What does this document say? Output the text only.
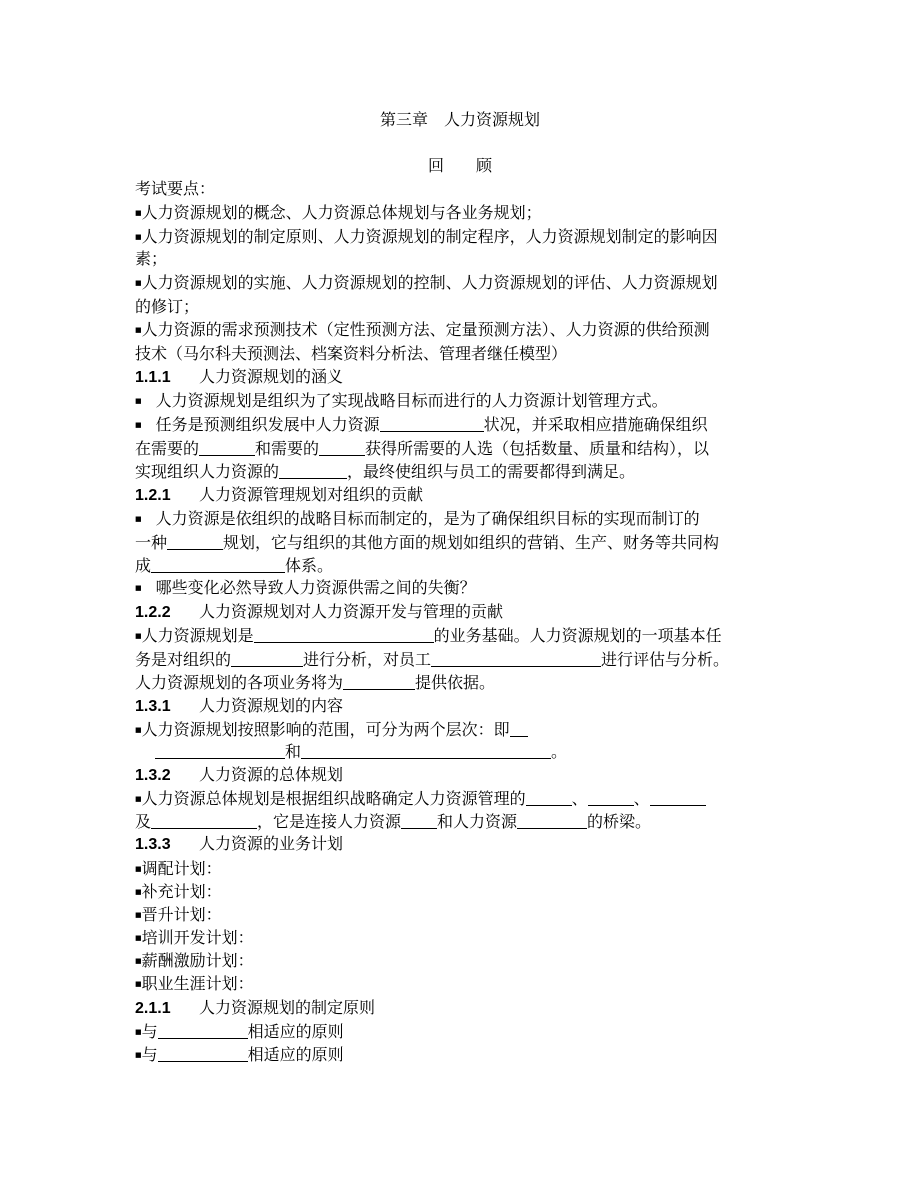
第三章　人力资源规划
回　　顾
考试要点：
■人力资源规划的概念、人力资源总体规划与各业务规划；
■人力资源规划的制定原则、人力资源规划的制定程序，人力资源规划制定的影响因
素；
■人力资源规划的实施、人力资源规划的控制、人力资源规划的评估、人力资源规划
的修订；
■人力资源的需求预测技术（定性预测方法、定量预测方法）、人力资源的供给预测
技术（马尔科夫预测法、档案资料分析法、管理者继任模型）
1.1.1 人力资源规划的涵义
■ 人力资源规划是组织为了实现战略目标而进行的人力资源计划管理方式。
■ 任务是预测组织发展中人力资源	状况，并采取相应措施确保组织
在需要的	和需要的	获得所需要的人选（包括数量、质量和结构），以
实现组织人力资源的	，最终使组织与员工的需要都得到满足。
1.2.1 人力资源管理规划对组织的贡献
■ 人力资源是依组织的战略目标而制定的，是为了确保组织目标的实现而制订的
一种	规划，它与组织的其他方面的规划如组织的营销、生产、财务等共同构
成	体系。
■ 哪些变化必然导致人力资源供需之间的失衡？
1.2.2 人力资源规划对人力资源开发与管理的贡献
■人力资源规划是	的业务基础。人力资源规划的一项基本任
务是对组织的	进行分析，对员工	进行评估与分析。
人力资源规划的各项业务将为	提供依据。
1.3.1 人力资源规划的内容
■人力资源规划按照影响的范围，可分为两个层次：即
和	。
1.3.2 人力资源的总体规划
■人力资源总体规划是根据组织战略确定人力资源管理的	、	、
及	，它是连接人力资源 和人力资源	的桥梁。
1.3.3 人力资源的业务计划
■调配计划：
■补充计划：
■晋升计划：
■培训开发计划：
■薪酬激励计划：
■职业生涯计划：
2.1.1 人力资源规划的制定原则
■与	相适应的原则
■与	相适应的原则
